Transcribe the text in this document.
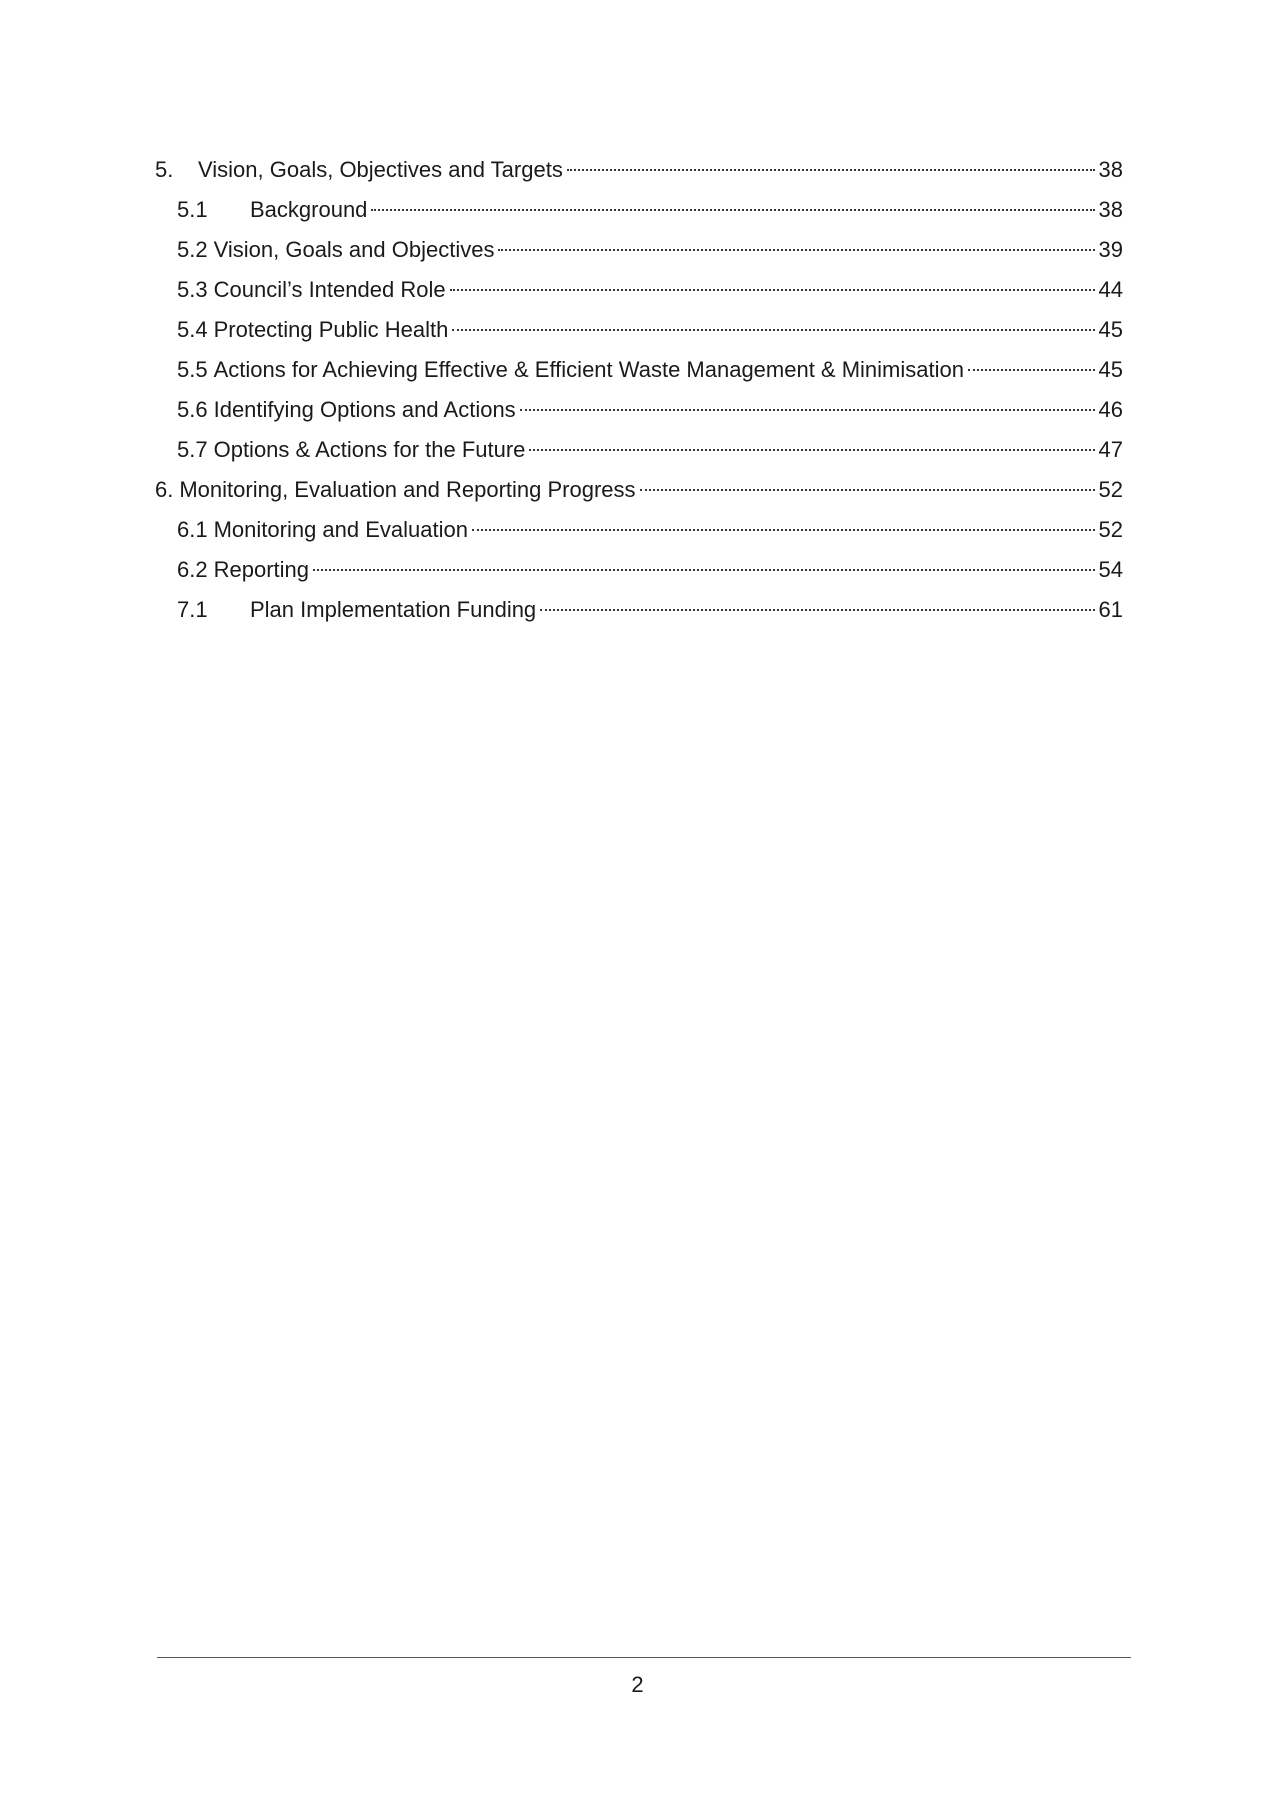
5.	Vision, Goals, Objectives and Targets	38
5.1	Background	38
5.2 Vision, Goals and Objectives	39
5.3 Council’s Intended Role	44
5.4 Protecting Public Health	45
5.5 Actions for Achieving Effective & Efficient Waste Management & Minimisation	45
5.6 Identifying Options and Actions	46
5.7 Options & Actions for the Future	47
6. Monitoring, Evaluation and Reporting Progress	52
6.1 Monitoring and Evaluation	52
6.2 Reporting	54
7.1	Plan Implementation Funding	61
2
